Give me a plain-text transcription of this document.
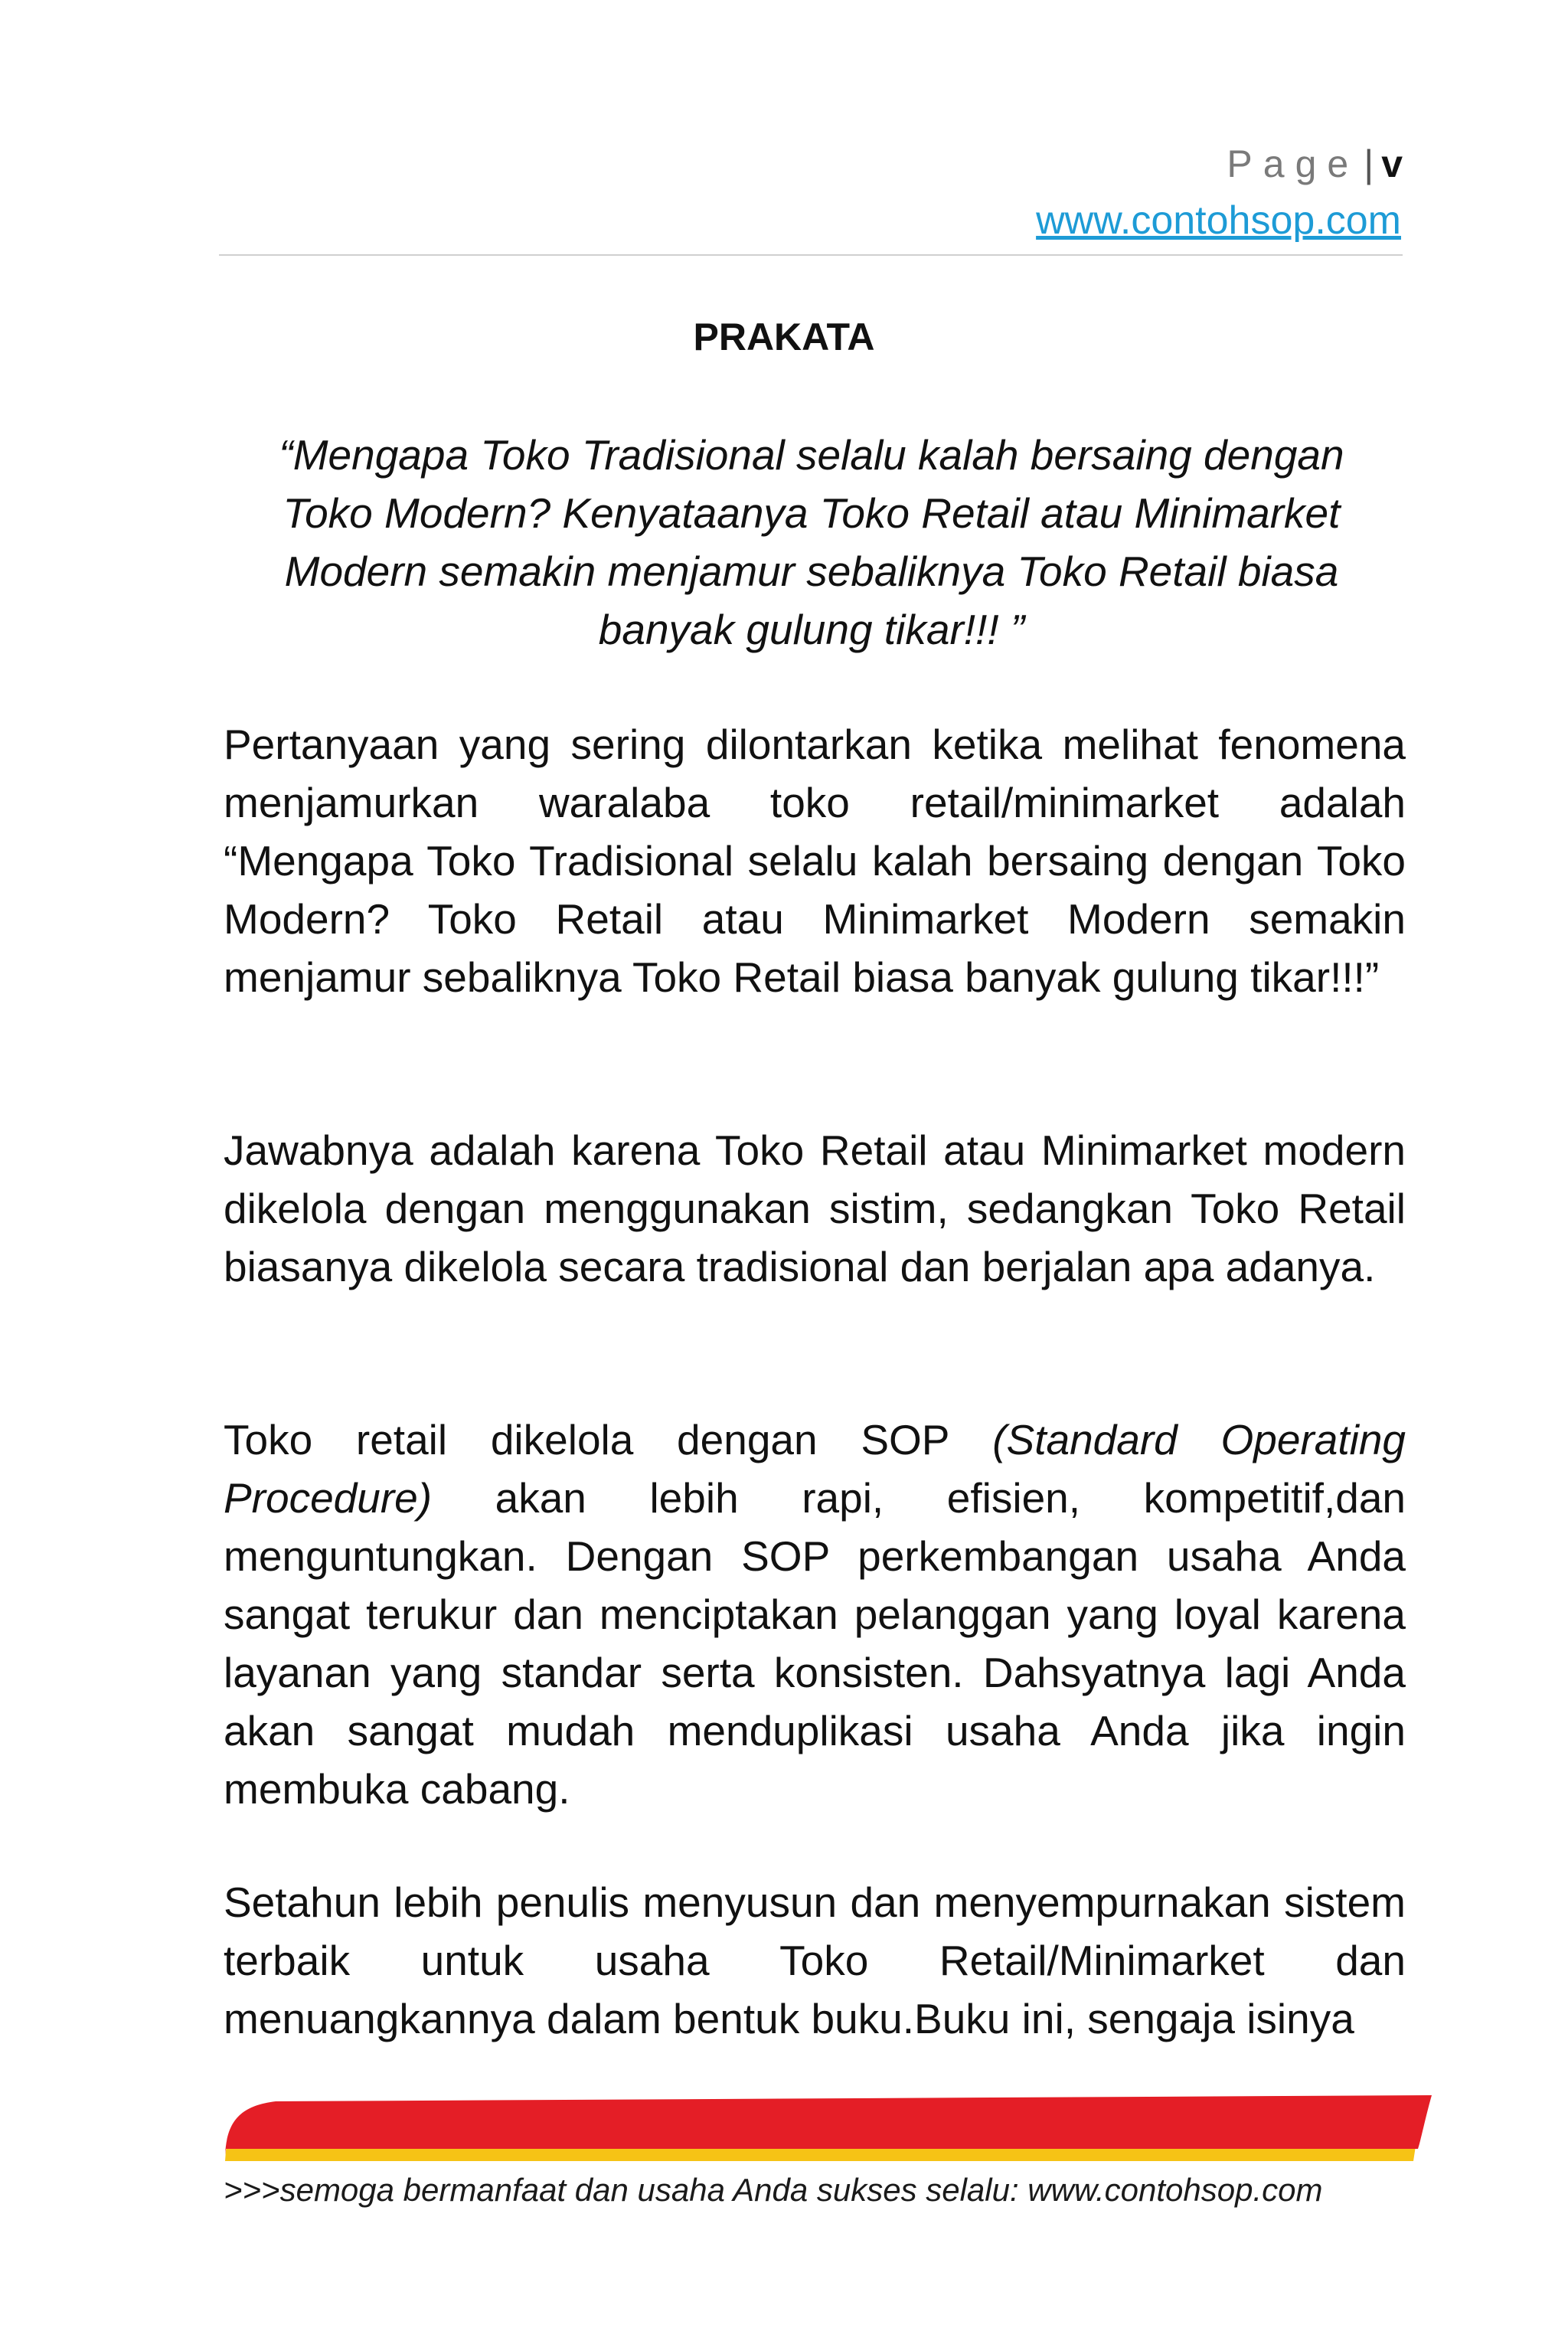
Page | v
www.contohsop.com
PRAKATA
“Mengapa Toko Tradisional selalu kalah bersaing dengan Toko Modern? Kenyataanya Toko Retail atau Minimarket Modern semakin menjamur sebaliknya Toko Retail biasa banyak gulung tikar!!! ”

Pertanyaan yang sering dilontarkan ketika melihat fenomena menjamurkan waralaba toko retail/minimarket adalah “Mengapa Toko Tradisional selalu kalah bersaing dengan Toko Modern? Toko Retail atau Minimarket Modern semakin menjamur sebaliknya Toko Retail biasa banyak gulung tikar!!!”

Jawabnya adalah karena Toko Retail atau Minimarket modern dikelola dengan menggunakan sistim, sedangkan Toko Retail biasanya dikelola secara tradisional dan berjalan apa adanya.

Toko retail dikelola dengan SOP (Standard Operating Procedure) akan lebih rapi, efisien, kompetitif,dan menguntungkan. Dengan SOP perkembangan usaha Anda sangat terukur dan menciptakan pelanggan yang loyal karena layanan yang standar serta konsisten. Dahsyatnya lagi Anda akan sangat mudah menduplikasi usaha Anda jika ingin membuka cabang.

Setahun lebih penulis menyusun dan menyempurnakan sistem terbaik untuk usaha Toko Retail/Minimarket dan menuangkannya dalam bentuk buku.Buku ini, sengaja isinya

>>>semoga bermanfaat dan usaha Anda sukses selalu: www.contohsop.com
